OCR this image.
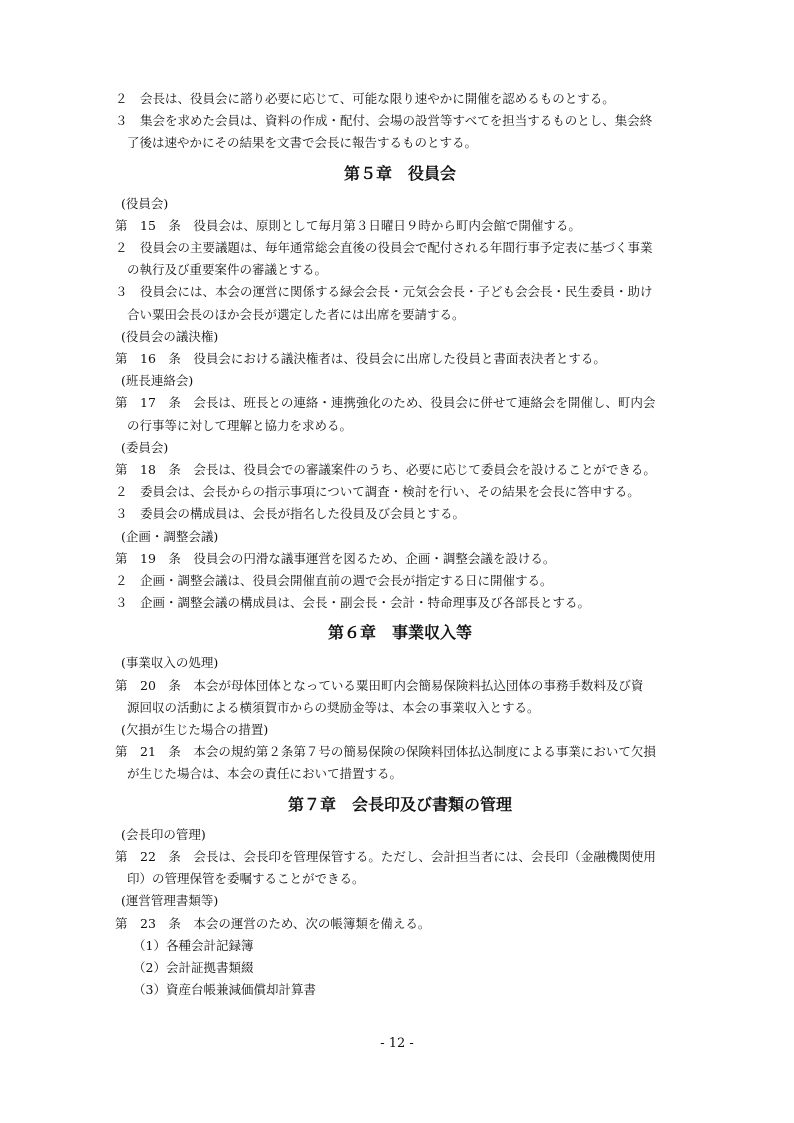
２　会長は、役員会に諮り必要に応じて、可能な限り速やかに開催を認めるものとする。
３　集会を求めた会員は、資料の作成・配付、会場の設営等すべてを担当するものとし、集会終
了後は速やかにその結果を文書で会長に報告するものとする。
第５章　役員会
(役員会)
第　15　条　役員会は、原則として毎月第３日曜日９時から町内会館で開催する。
２　役員会の主要議題は、毎年通常総会直後の役員会で配付される年間行事予定表に基づく事業
の執行及び重要案件の審議とする。
３　役員会には、本会の運営に関係する緑会会長・元気会会長・子ども会会長・民生委員・助け
合い粟田会長のほか会長が選定した者には出席を要請する。
(役員会の議決権)
第　16　条　役員会における議決権者は、役員会に出席した役員と書面表決者とする。
(班長連絡会)
第　17　条　会長は、班長との連絡・連携強化のため、役員会に併せて連絡会を開催し、町内会
の行事等に対して理解と協力を求める。
(委員会)
第　18　条　会長は、役員会での審議案件のうち、必要に応じて委員会を設けることができる。
２　委員会は、会長からの指示事項について調査・検討を行い、その結果を会長に答申する。
３　委員会の構成員は、会長が指名した役員及び会員とする。
(企画・調整会議)
第　19　条　役員会の円滑な議事運営を図るため、企画・調整会議を設ける。
２　企画・調整会議は、役員会開催直前の週で会長が指定する日に開催する。
３　企画・調整会議の構成員は、会長・副会長・会計・特命理事及び各部長とする。
第６章　事業収入等
(事業収入の処理)
第　20　条　本会が母体団体となっている粟田町内会簡易保険料払込団体の事務手数料及び資
源回収の活動による横須賀市からの奨励金等は、本会の事業収入とする。
(欠損が生じた場合の措置)
第　21　条　本会の規約第２条第７号の簡易保険の保険料団体払込制度による事業において欠損
が生じた場合は、本会の責任において措置する。
第７章　会長印及び書類の管理
(会長印の管理)
第　22　条　会長は、会長印を管理保管する。ただし、会計担当者には、会長印（金融機関使用
印）の管理保管を委嘱することができる。
(運営管理書類等)
第　23　条　本会の運営のため、次の帳簿類を備える。
（1）各種会計記録簿
（2）会計証拠書類綴
（3）資産台帳兼減価償却計算書
- 12 -
